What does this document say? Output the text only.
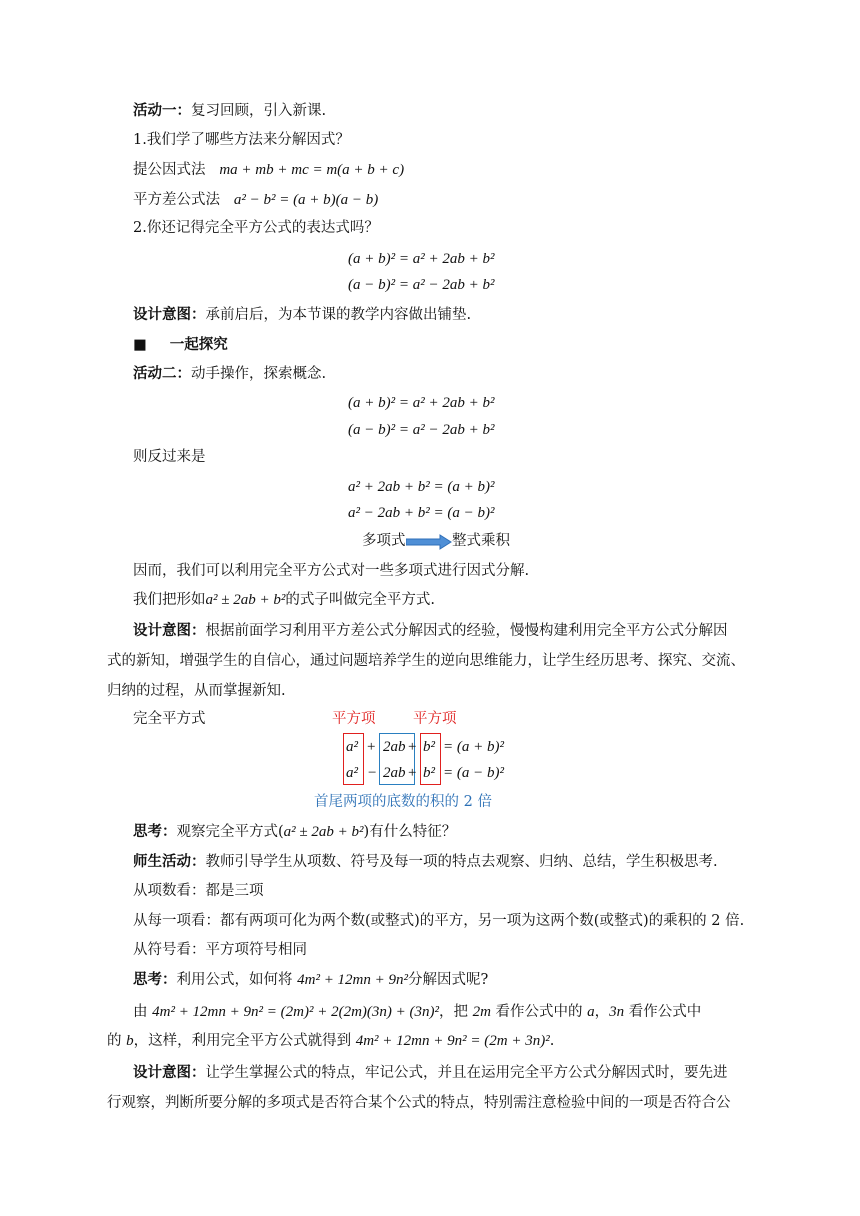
活动一：复习回顾，引入新课.
1.我们学了哪些方法来分解因式？
提公因式法 ma + mb + mc = m(a + b + c)
平方差公式法 a² − b² = (a + b)(a − b)
2.你还记得完全平方公式的表达式吗？
(a + b)² = a² + 2ab + b²
(a − b)² = a² − 2ab + b²
设计意图：承前启后，为本节课的教学内容做出铺垫.
■ 一起探究
活动二：动手操作，探索概念.
(a + b)² = a² + 2ab + b²
(a − b)² = a² − 2ab + b²
则反过来是
a² + 2ab + b² = (a + b)²
a² − 2ab + b² = (a − b)²
多项式	整式乘积
因而，我们可以利用完全平方公式对一些多项式进行因式分解.
我们把形如a² ± 2ab + b²的式子叫做完全平方式.
设计意图：根据前面学习利用平方差公式分解因式的经验，慢慢构建利用完全平方公式分解因
式的新知，增强学生的自信心，通过问题培养学生的逆向思维能力，让学生经历思考、探究、交流、
归纳的过程，从而掌握新知.
完全平方式	平方项	平方项
a² + 2ab + b² = (a + b)²
a² − 2ab + b² = (a − b)²
首尾两项的底数的积的 2 倍
思考：观察完全平方式(a² ± 2ab + b²)有什么特征？
师生活动：教师引导学生从项数、符号及每一项的特点去观察、归纳、总结，学生积极思考.
从项数看：都是三项
从每一项看：都有两项可化为两个数(或整式)的平方，另一项为这两个数(或整式)的乘积的 2 倍.
从符号看：平方项符号相同
思考：利用公式，如何将 4m² + 12mn + 9n²分解因式呢?
由 4m² + 12mn + 9n² = (2m)² + 2(2m)(3n) + (3n)²，把 2m 看作公式中的 a，3n 看作公式中
的 b，这样，利用完全平方公式就得到 4m² + 12mn + 9n² = (2m + 3n)².
设计意图：让学生掌握公式的特点，牢记公式，并且在运用完全平方公式分解因式时，要先进
行观察，判断所要分解的多项式是否符合某个公式的特点，特别需注意检验中间的一项是否符合公
